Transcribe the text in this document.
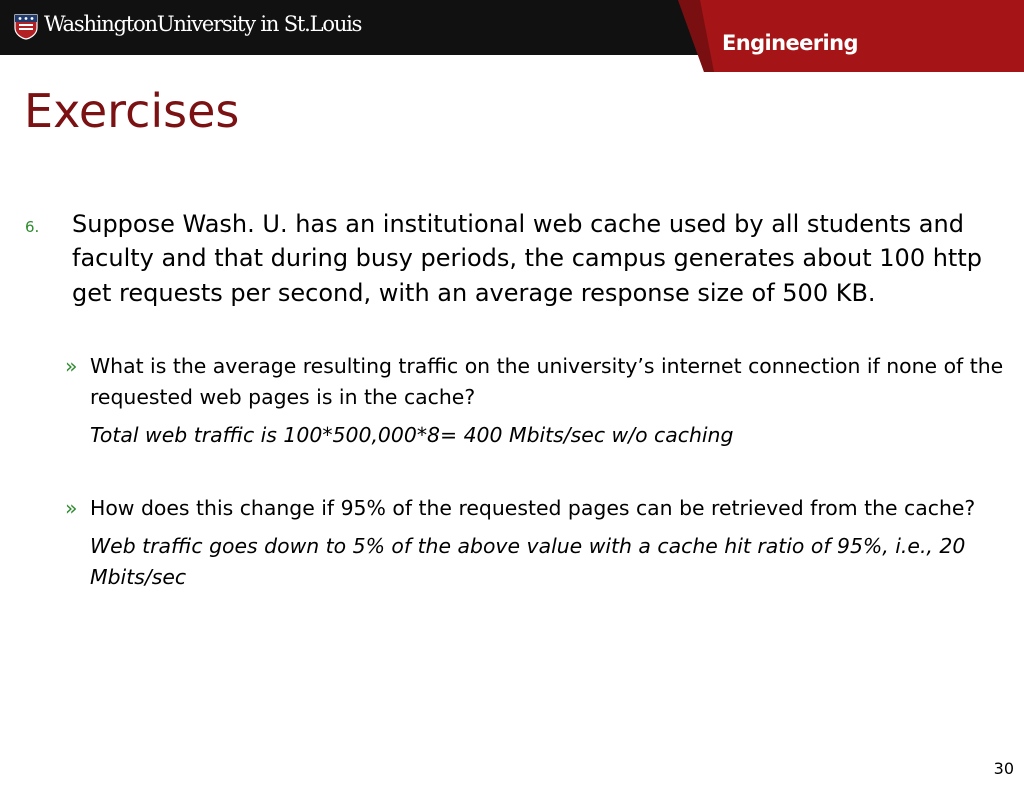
WashingtonUniversity in St.Louis
Engineering
Exercises
6. Suppose Wash. U. has an institutional web cache used by all students and faculty and that during busy periods, the campus generates about 100 http get requests per second, with an average response size of 500 KB.

» What is the average resulting traffic on the university’s internet connection if none of the requested web pages is in the cache?

Total web traffic is 100*500,000*8= 400 Mbits/sec w/o caching

» How does this change if 95% of the requested pages can be retrieved from the cache?

Web traffic goes down to 5% of the above value with a cache hit ratio of 95%, i.e., 20 Mbits/sec

30
